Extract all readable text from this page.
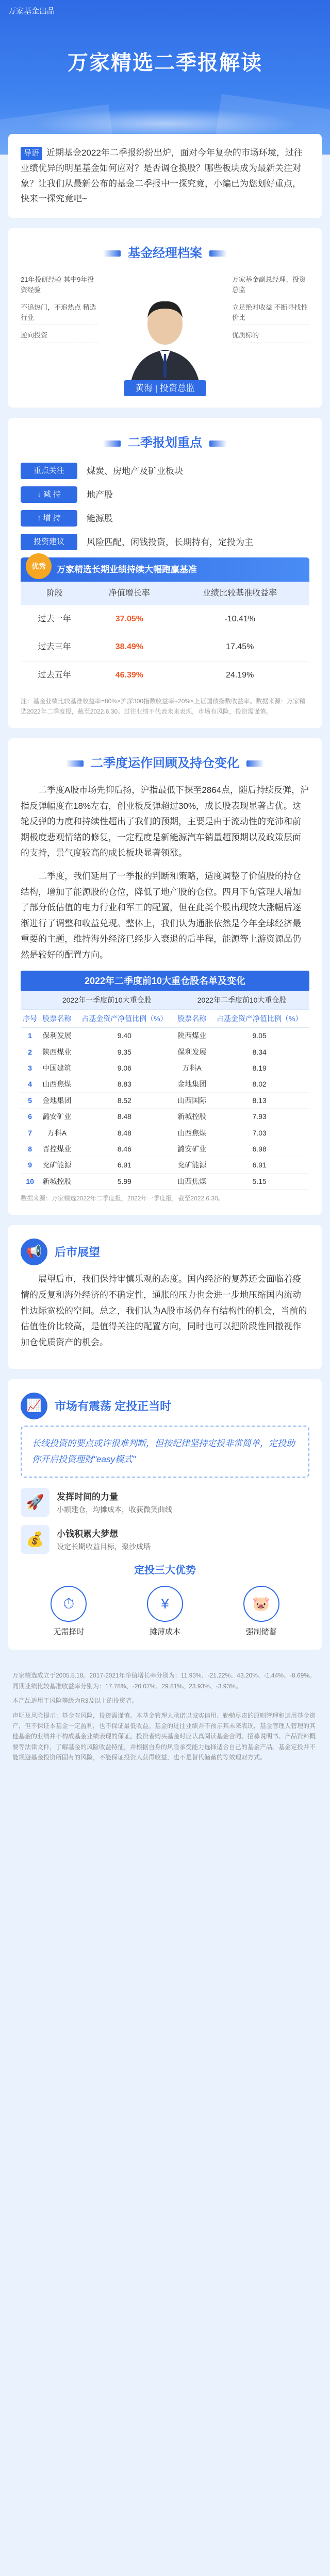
万家基金出品
万家精选二季报解读

导语 近期基金2022年二季报纷纷出炉，面对今年复杂的市场环境，过往业绩优异的明星基金如何应对？是否调仓换股？哪些板块成为最新关注对象？让我们从最新公布的基金二季报中一探究竟，小编已为您划好重点，快来一探究竟吧~

基金经理档案
21年投研经验 其中9年投资经验
不追热门，不追热点 精选行业
逆向投资
黄海 | 投资总监
万家基金副总经理、投资总监
立足绝对收益 不断寻找性价比
优质标的
二季报划重点
重点关注	煤炭、房地产及矿业板块
↓ 减 持	地产股
↑ 增 持	能源股
投资建议	风险匹配，闲钱投资，长期持有，定投为主
优秀	万家精选长期业绩持续大幅跑赢基准
阶段	净值增长率	业绩比较基准收益率
过去一年	37.05%	-10.41%
过去三年	38.49%	17.45%
过去五年	46.39%	24.19%

注：基金业绩比较基准收益率=80%×沪深300指数收益率+20%×上证国债指数收益率。数据来源：万家精选2022年二季度报，截至2022.6.30。过往业绩不代表未来表现，市场有风险，投资需谨慎。

二季度运作回顾及持仓变化

二季度A股市场先抑后扬，沪指最低下探至2864点，随后持续反弹，沪指反弹幅度在18%左右，创业板反弹超过30%，成长股表现显著占优。这轮反弹的力度和持续性超出了我们的预期，主要是由于流动性的充沛和前期极度悲观情绪的修复，一定程度是新能源汽车销量超预期以及政策层面的支持，景气度较高的成长板块显著领涨。

二季度，我们延用了一季报的判断和策略，适度调整了价值股的持仓结构，增加了能源股的仓位，降低了地产股的仓位。四月下旬管理人增加了部分低估值的电力行业和军工的配置，但在此类个股出现较大涨幅后逐渐进行了调整和收益兑现。整体上，我们认为通胀依然是今年全球经济最重要的主题，维持海外经济已经步入衰退的后半程，能源等上游资源品仍然是较好的配置方向。

2022年二季度前10大重仓股名单及变化
	2022年一季度前10大重仓股		2022年二季度前10大重仓股	
序号	股票名称	占基金资产净值比例（%）	股票名称	占基金资产净值比例（%）
1	保利发展	9.40	陕西煤业	9.05
2	陕西煤业	9.35	保利发展	8.34
3	中国建筑	9.06	万科A	8.19
4	山西焦煤	8.83	金地集团	8.02
5	金地集团	8.52	山西国际	8.13
6	潞安矿业	8.48	新城控股	7.93
7	万科A	8.48	山西焦煤	7.03
8	晋控煤业	8.46	潞安矿业	6.98
9	兖矿能源	6.91	兖矿能源	6.91
10	新城控股	5.99	山西焦煤	5.15

数据来源：万家精选2022年二季度报，2022年一季度报，截至2022.6.30。

📢	后市展望

展望后市，我们保持审慎乐观的态度。国内经济的复苏还会面临着疫情的反复和海外经济的不确定性，通胀的压力也会进一步地压缩国内流动性边际宽松的空间。总之，我们认为A股市场仍存有结构性的机会，当前的估值性价比较高，是值得关注的配置方向，同时也可以把阶段性回撤视作加仓优质资产的机会。

📈	市场有震荡 定投正当时
长线投资的要点或许很难判断，但按纪律坚持定投非常简单，定投助你开启投资理财"easy模式"
🚀	发挥时间的力量
小额建仓，均摊成本，收获微笑曲线
💰	小钱积累大梦想
设定长期收益目标，聚沙成塔
定投三大优势
⏱
无需择时
¥
摊薄成本
🐷
强制储蓄

万家精选成立于2005.5.18。2017-2021年净值增长率分别为：11.93%、-21.22%、43.20%、-1.44%、-8.69%。同期业绩比较基准收益率分别为：17.78%、-20.07%、29.81%、23.93%、-3.93%。

本产品适用于风险等级为R3及以上的投资者。

声明及风险提示：基金有风险，投资需谨慎。本基金管理人承诺以诚实信用、勤勉尽责的原则管理和运用基金资产，但不保证本基金一定盈利，也不保证最低收益。基金的过往业绩并不预示其未来表现，基金管理人管理的其他基金的业绩并不构成基金业绩表现的保证。投资者购买基金时应认真阅读基金合同、招募说明书、产品资料概要等法律文件，了解基金的风险收益特征，并根据自身的风险承受能力选择适合自己的基金产品。基金定投并不能规避基金投资所固有的风险，不能保证投资人获得收益，也不是替代储蓄的等效理财方式。
